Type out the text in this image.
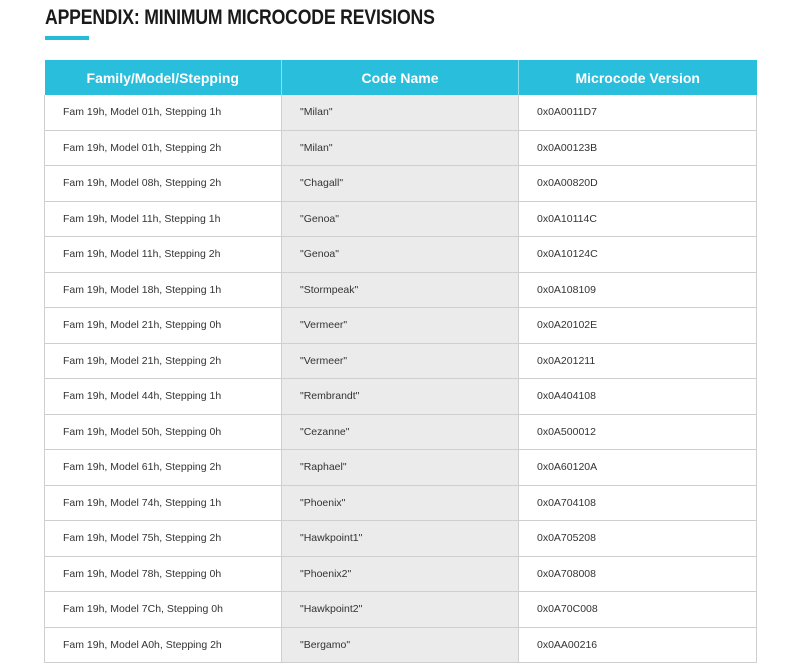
APPENDIX: MINIMUM MICROCODE REVISIONS
Family/Model/Stepping	Code Name	Microcode Version
Fam 19h, Model 01h, Stepping 1h	"Milan"	0x0A0011D7
Fam 19h, Model 01h, Stepping 2h	"Milan"	0x0A00123B
Fam 19h, Model 08h, Stepping 2h	"Chagall"	0x0A00820D
Fam 19h, Model 11h, Stepping 1h	"Genoa"	0x0A10114C
Fam 19h, Model 11h, Stepping 2h	"Genoa"	0x0A10124C
Fam 19h, Model 18h, Stepping 1h	"Stormpeak"	0x0A108109
Fam 19h, Model 21h, Stepping 0h	"Vermeer"	0x0A20102E
Fam 19h, Model 21h, Stepping 2h	"Vermeer"	0x0A201211
Fam 19h, Model 44h, Stepping 1h	"Rembrandt"	0x0A404108
Fam 19h, Model 50h, Stepping 0h	"Cezanne"	0x0A500012
Fam 19h, Model 61h, Stepping 2h	"Raphael"	0x0A60120A
Fam 19h, Model 74h, Stepping 1h	"Phoenix"	0x0A704108
Fam 19h, Model 75h, Stepping 2h	"Hawkpoint1"	0x0A705208
Fam 19h, Model 78h, Stepping 0h	"Phoenix2"	0x0A708008
Fam 19h, Model 7Ch, Stepping 0h	"Hawkpoint2"	0x0A70C008
Fam 19h, Model A0h, Stepping 2h	"Bergamo"	0x0AA00216
